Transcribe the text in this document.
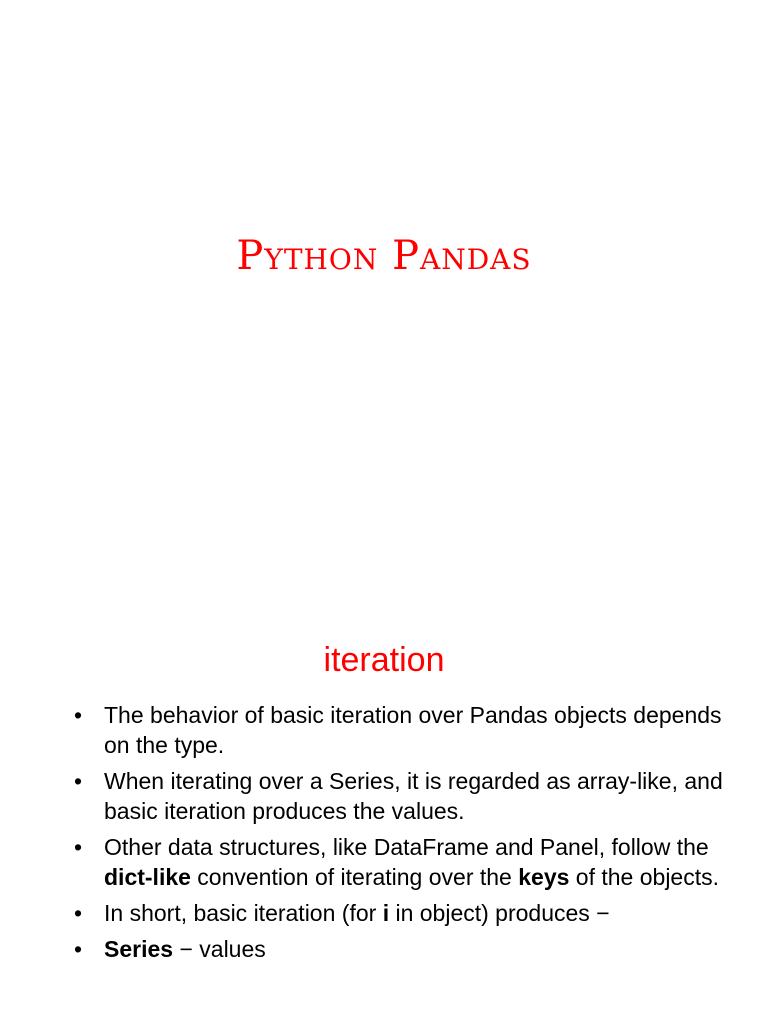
Python Pandas
iteration
• The behavior of basic iteration over Pandas objects depends on the type.
• When iterating over a Series, it is regarded as array-like, and basic iteration produces the values.
• Other data structures, like DataFrame and Panel, follow the dict-like convention of iterating over the keys of the objects.
• In short, basic iteration (for i in object) produces −
• Series − values
